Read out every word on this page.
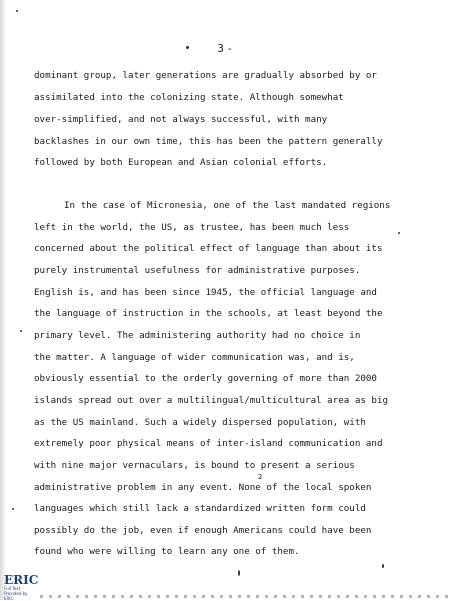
3 -
dominant group, later generations are gradually absorbed by or
assimilated into the colonizing state. Although somewhat
over-simplified, and not always successful, with many
backlashes in our own time, this has been the pattern generally
followed by both European and Asian colonial efforts.
In the case of Micronesia, one of the last mandated regions
left in the world, the US, as trustee, has been much less
concerned about the political effect of language than about its
purely instrumental usefulness for administrative purposes.
English is, and has been since 1945, the official language and
the language of instruction in the schools, at least beyond the
primary level. The administering authority had no choice in
the matter. A language of wider communication was, and is,
obviously essential to the orderly governing of more than 2000
islands spread out over a multilingual/multicultural area as big
as the US mainland. Such a widely dispersed population, with
extremely poor physical means of inter-island communication and
with nine major vernaculars, is bound to present a serious
administrative problem in any event. None of the local spoken
languages which still lack a standardized written form could
possibly do the job, even if enough Americans could have been
found who were willing to learn any one of them.
2
ERIC
Full Text Provided by ERIC
